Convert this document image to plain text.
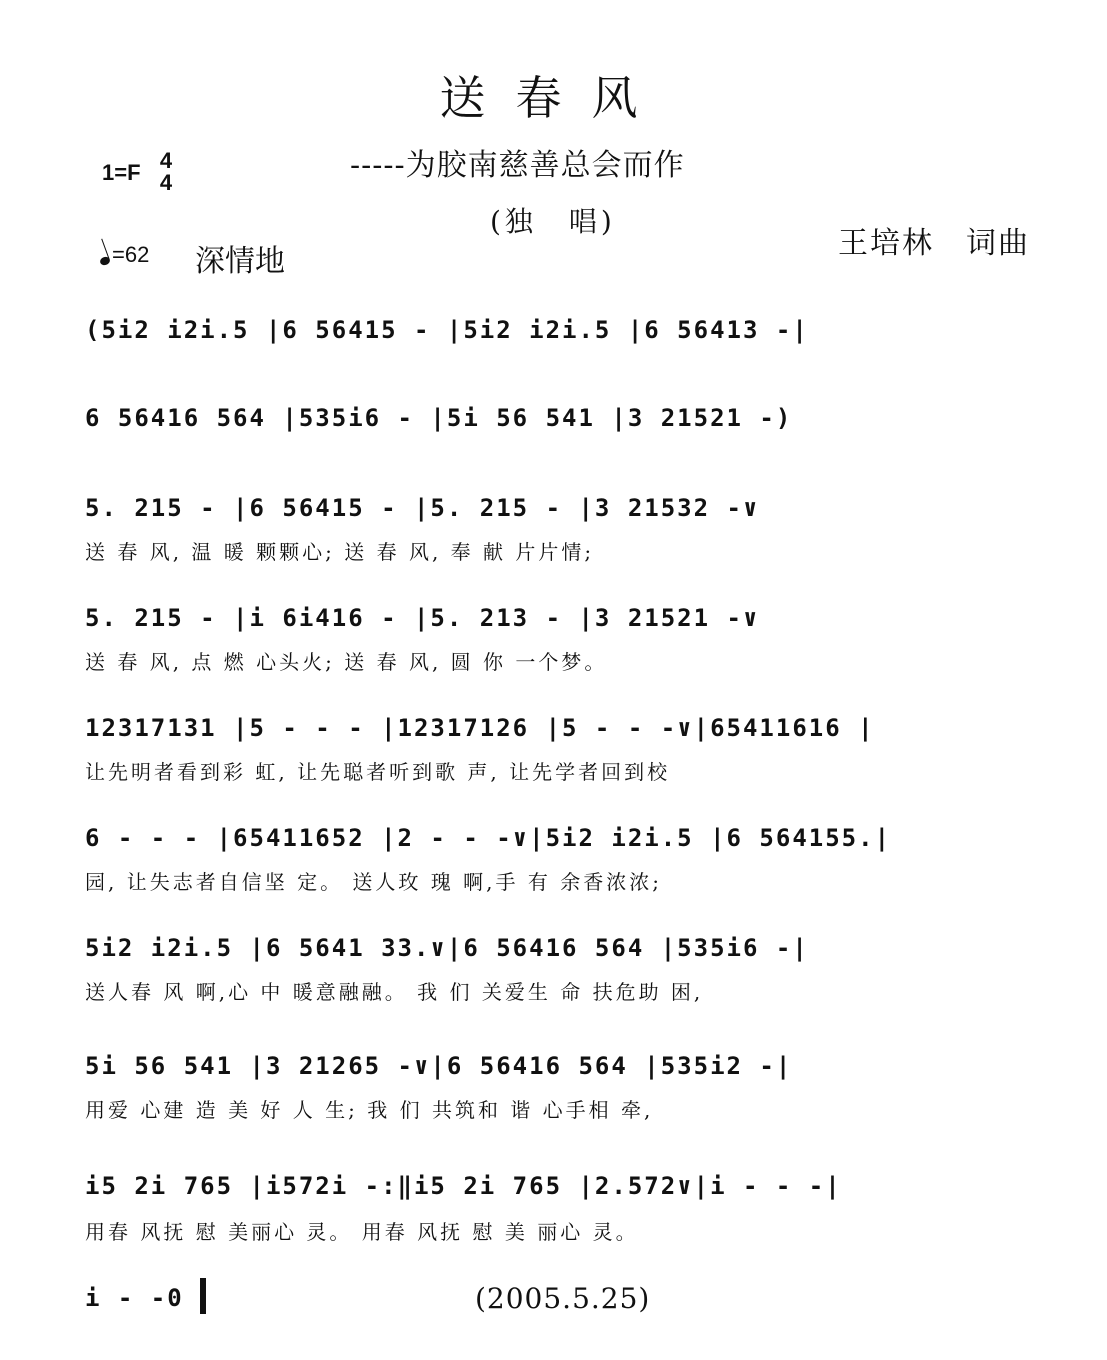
送春风
-----为胶南慈善总会而作
(独　唱)
1=F 4
4
=62 深情地
王培林　词曲
(5i2 i2i.5 |6 56415 - |5i2 i2i.5 |6 56413 -|
6 56416 564 |535i6 - |5i 56 541 |3 21521 -)
5. 215 - |6 56415 - |5. 215 - |3 21532 -∨
送 春 风, 温 暖 颗颗心; 送 春 风, 奉 献 片片情;
5. 215 - |i 6i416 - |5. 213 - |3 21521 -∨
送 春 风, 点 燃 心头火; 送 春 风, 圆 你 一个梦。
12317131 |5 - - - |12317126 |5 - - -∨|65411616 |
让先明者看到彩 虹, 让先聪者听到歌 声, 让先学者回到校
6 - - - |65411652 |2 - - -∨|5i2 i2i.5 |6 564155.|
园, 让失志者自信坚 定。 送人玫 瑰 啊,手 有 余香浓浓;
5i2 i2i.5 |6 5641 33.∨|6 56416 564 |535i6 -|
送人春 风 啊,心 中 暖意融融。 我 们 关爱生 命 扶危助 困,
5i 56 541 |3 21265 -∨|6 56416 564 |535i2 -|
用爱 心建 造 美 好 人 生; 我 们 共筑和 谐 心手相 牵,
i5 2i 765 |i572i -:‖i5 2i 765 |2.572∨|i - - -|
用春 风抚 慰 美丽心 灵。 用春 风抚 慰 美 丽心 灵。
i - -0	(2005.5.25)
